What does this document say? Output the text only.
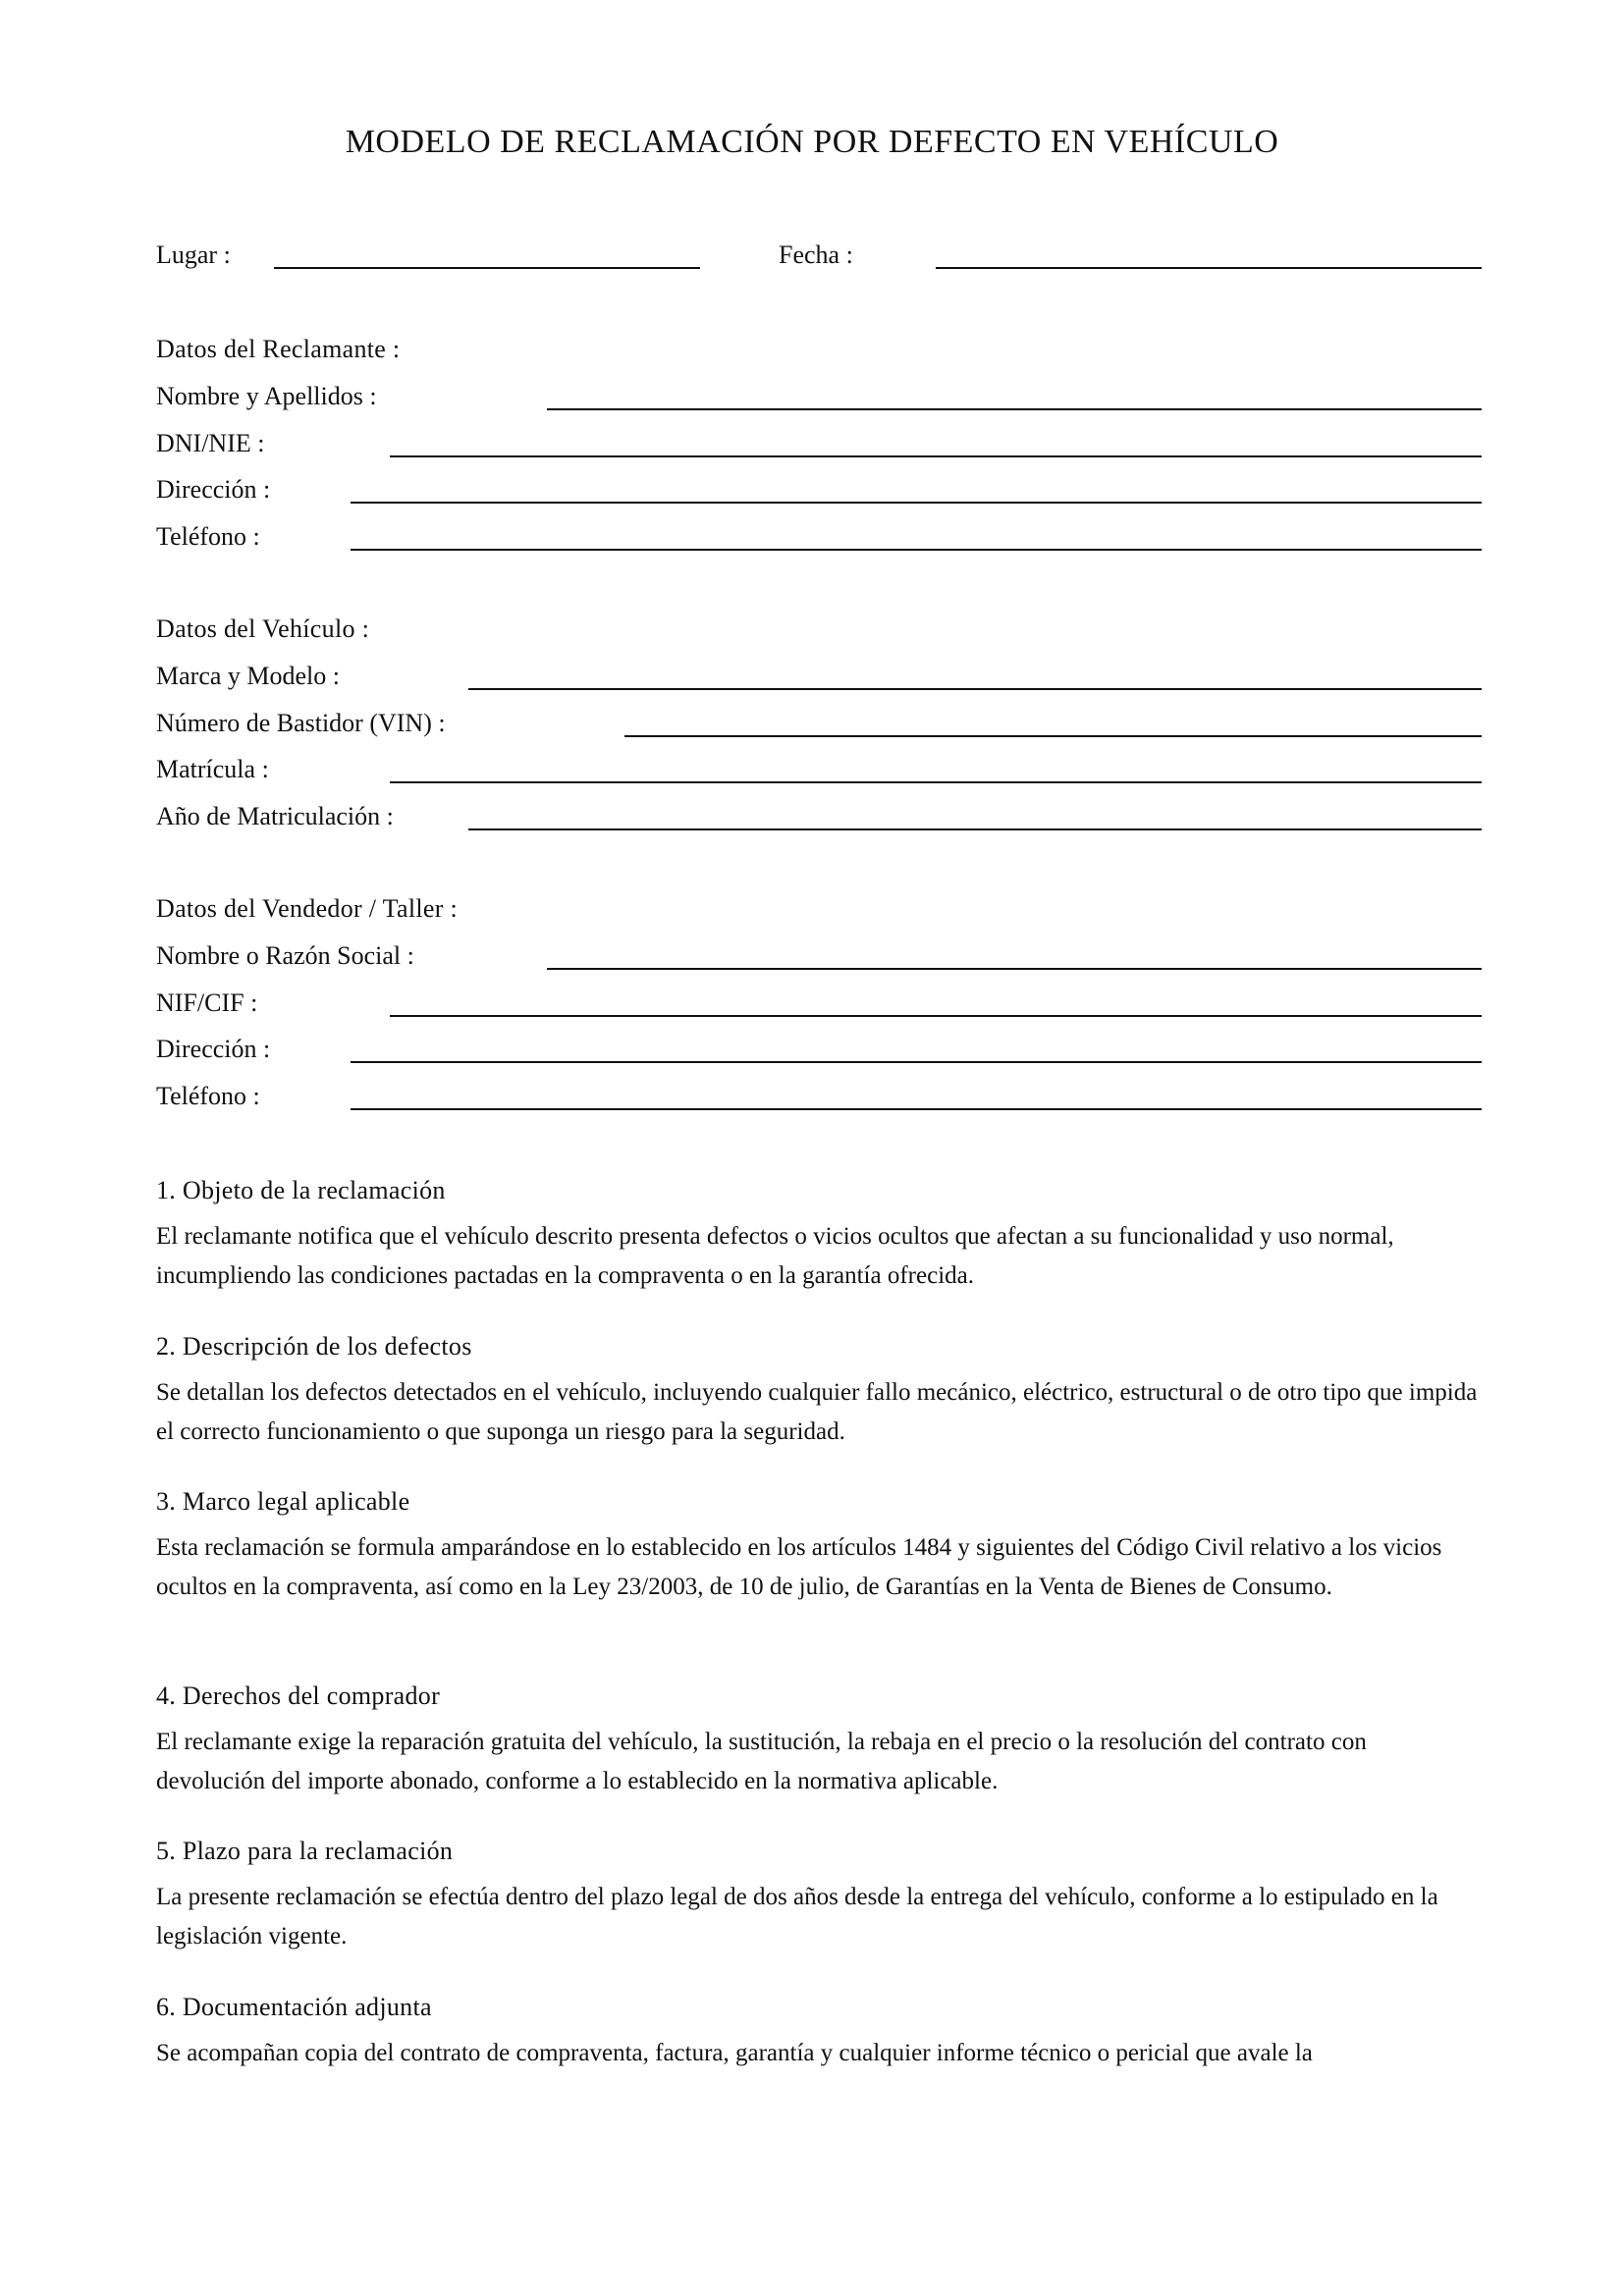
MODELO DE RECLAMACIÓN POR DEFECTO EN VEHÍCULO
Lugar :	Fecha :
Datos del Reclamante :
Nombre y Apellidos :
DNI/NIE :
Dirección :
Teléfono :
Datos del Vehículo :
Marca y Modelo :
Número de Bastidor (VIN) :
Matrícula :
Año de Matriculación :
Datos del Vendedor / Taller :
Nombre o Razón Social :
NIF/CIF :
Dirección :
Teléfono :
1. Objeto de la reclamación

El reclamante notifica que el vehículo descrito presenta defectos o vicios ocultos que afectan a su funcionalidad y uso normal, incumpliendo las condiciones pactadas en la compraventa o en la garantía ofrecida.

2. Descripción de los defectos

Se detallan los defectos detectados en el vehículo, incluyendo cualquier fallo mecánico, eléctrico, estructural o de otro tipo que impida el correcto funcionamiento o que suponga un riesgo para la seguridad.

3. Marco legal aplicable

Esta reclamación se formula amparándose en lo establecido en los artículos 1484 y siguientes del Código Civil relativo a los vicios ocultos en la compraventa, así como en la Ley 23/2003, de 10 de julio, de Garantías en la Venta de Bienes de Consumo.

4. Derechos del comprador

El reclamante exige la reparación gratuita del vehículo, la sustitución, la rebaja en el precio o la resolución del contrato con devolución del importe abonado, conforme a lo establecido en la normativa aplicable.

5. Plazo para la reclamación

La presente reclamación se efectúa dentro del plazo legal de dos años desde la entrega del vehículo, conforme a lo estipulado en la legislación vigente.

6. Documentación adjunta

Se acompañan copia del contrato de compraventa, factura, garantía y cualquier informe técnico o pericial que avale la
